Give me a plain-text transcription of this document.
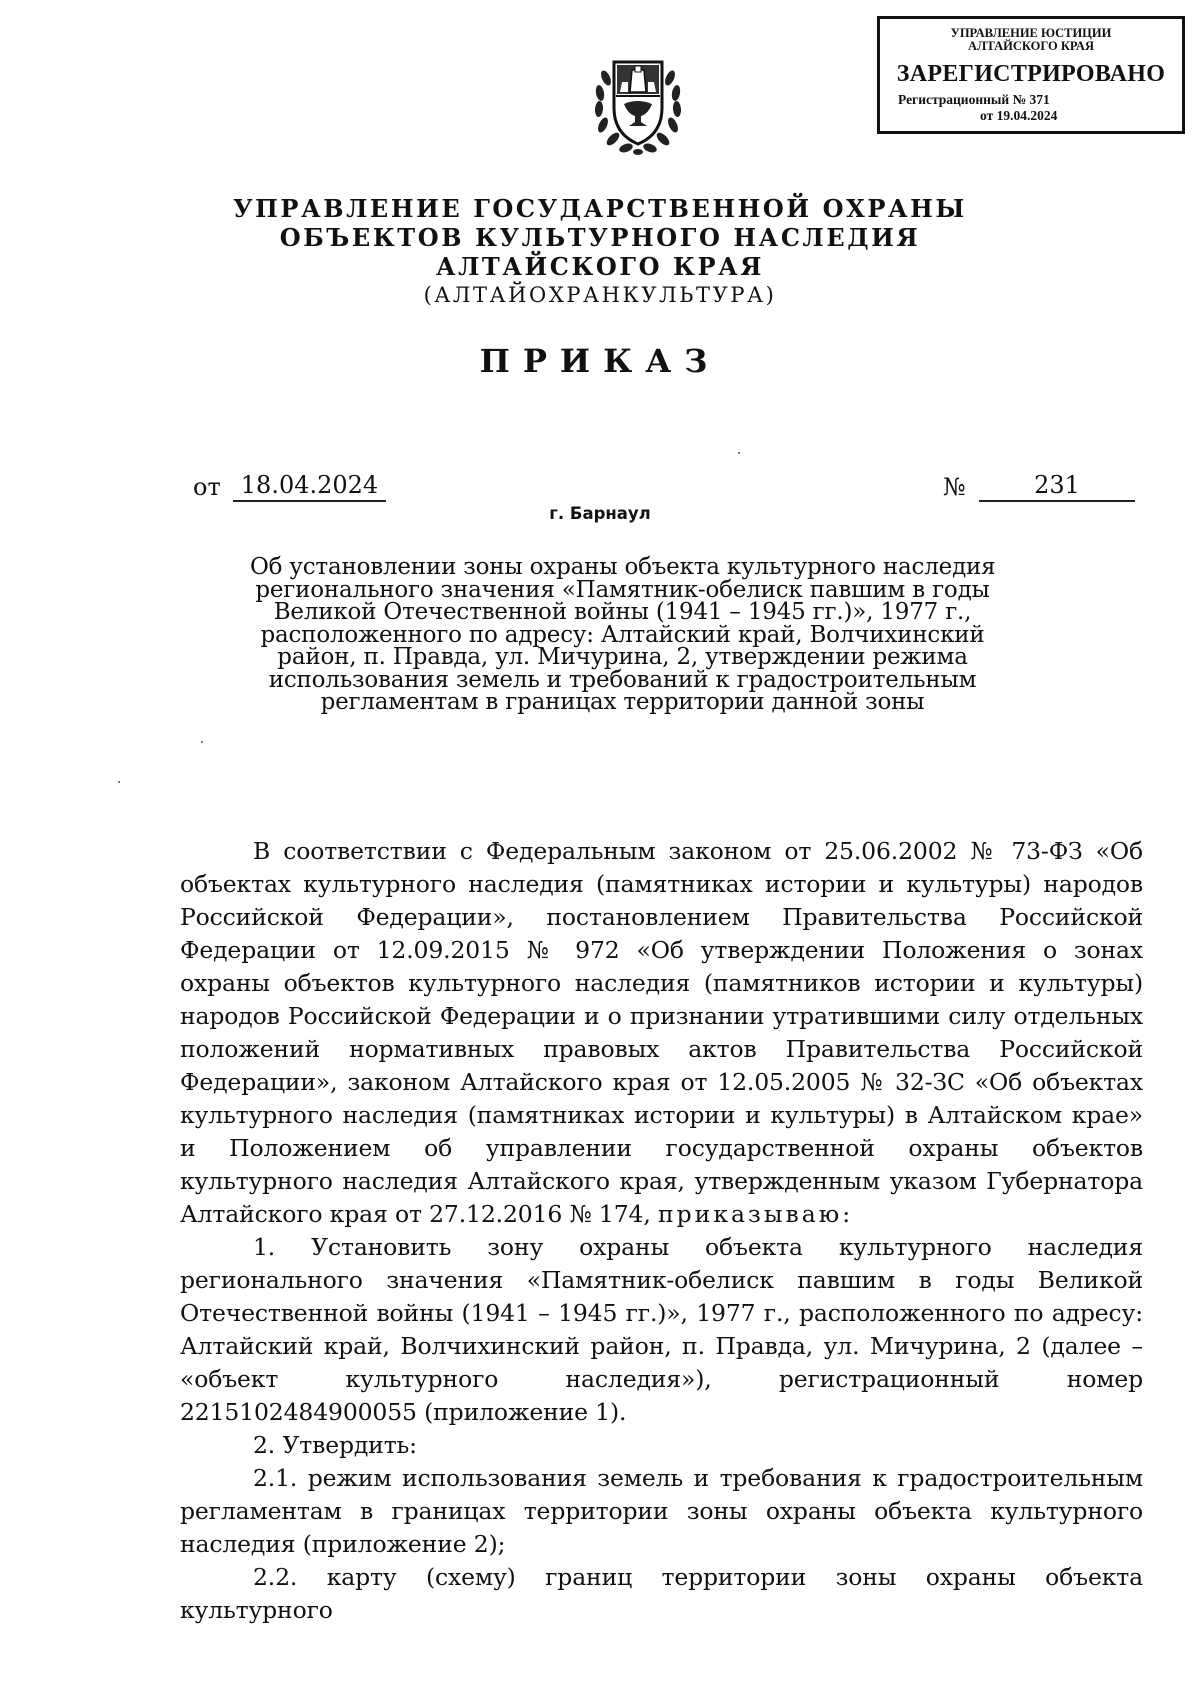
УПРАВЛЕНИЕ ЮСТИЦИИ
АЛТАЙСКОГО КРАЯ
ЗАРЕГИСТРИРОВАНО
Регистрационный № 371
от 19.04.2024
УПРАВЛЕНИЕ ГОСУДАРСТВЕННОЙ ОХРАНЫ
ОБЪЕКТОВ КУЛЬТУРНОГО НАСЛЕДИЯ
АЛТАЙСКОГО КРАЯ
(АЛТАЙОХРАНКУЛЬТУРА)
ПРИКАЗ
от 18.04.2024	№	231
г. Барнаул
Об установлении зоны охраны объекта культурного наследия
регионального значения «Памятник-обелиск павшим в годы
Великой Отечественной войны (1941 – 1945 гг.)», 1977 г.,
расположенного по адресу: Алтайский край, Волчихинский
район, п. Правда, ул. Мичурина, 2, утверждении режима
использования земель и требований к градостроительным
регламентам в границах территории данной зоны

В соответствии с Федеральным законом от 25.06.2002 № 73-ФЗ «Об объектах культурного наследия (памятниках истории и культуры) народов Российской Федерации», постановлением Правительства Российской Федерации от 12.09.2015 № 972 «Об утверждении Положения о зонах охраны объектов культурного наследия (памятников истории и культуры) народов Российской Федерации и о признании утратившими силу отдельных положений нормативных правовых актов Правительства Российской Федерации», законом Алтайского края от 12.05.2005 № 32-ЗС «Об объектах культурного наследия (памятниках истории и культуры) в Алтайском крае» и Положением об управлении государственной охраны объектов культурного наследия Алтайского края, утвержденным указом Губернатора Алтайского края от 27.12.2016 № 174, приказываю:

1. Установить зону охраны объекта культурного наследия регионального значения «Памятник-обелиск павшим в годы Великой Отечественной войны (1941 – 1945 гг.)», 1977 г., расположенного по адресу: Алтайский край, Волчихинский район, п. Правда, ул. Мичурина, 2 (далее – «объект культурного наследия»), регистрационный номер 2215102484900055 (приложение 1).

2. Утвердить:

2.1. режим использования земель и требования к градостроительным регламентам в границах территории зоны охраны объекта культурного наследия (приложение 2);

2.2. карту (схему) границ территории зоны охраны объекта культурного
